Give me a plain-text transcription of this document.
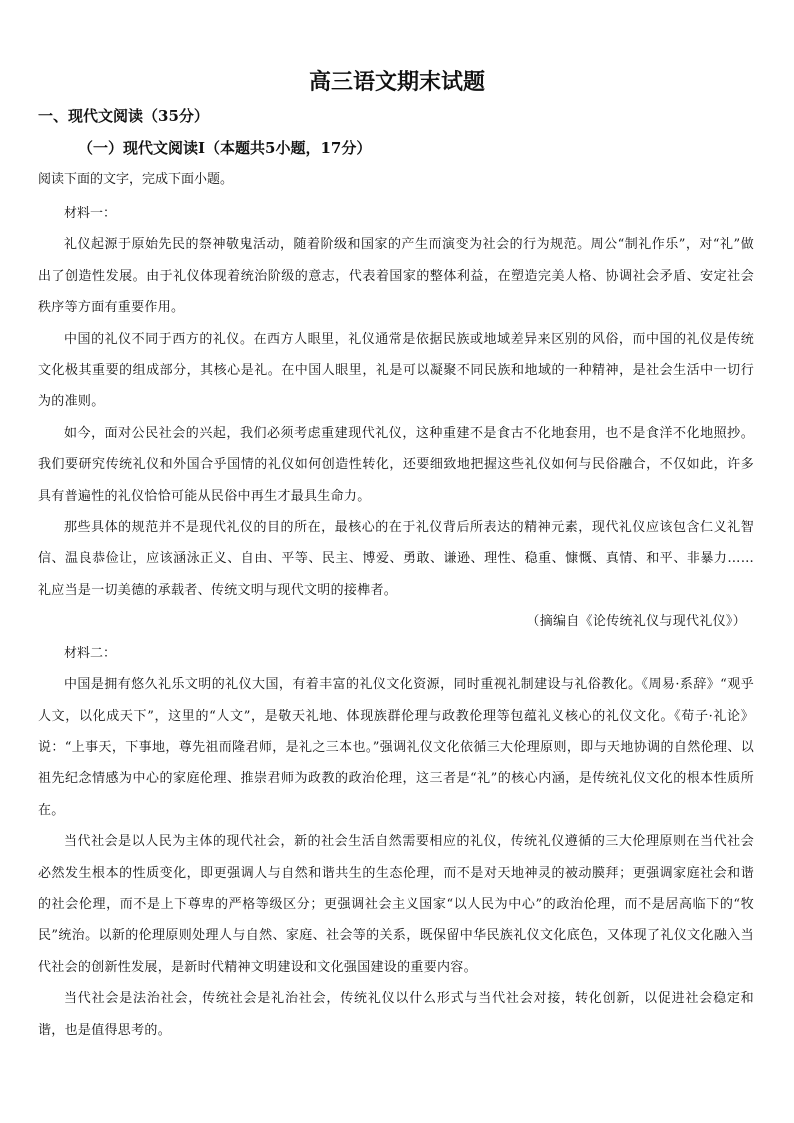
高三语文期末试题
一、现代文阅读（35分）
（一）现代文阅读Ⅰ（本题共5小题，17分）

阅读下面的文字，完成下面小题。

材料一：

礼仪起源于原始先民的祭神敬鬼活动，随着阶级和国家的产生而演变为社会的行为规范。周公“制礼作乐”，对“礼”做出了创造性发展。由于礼仪体现着统治阶级的意志，代表着国家的整体利益，在塑造完美人格、协调社会矛盾、安定社会秩序等方面有重要作用。

中国的礼仪不同于西方的礼仪。在西方人眼里，礼仪通常是依据民族或地域差异来区别的风俗，而中国的礼仪是传统文化极其重要的组成部分，其核心是礼。在中国人眼里，礼是可以凝聚不同民族和地域的一种精神，是社会生活中一切行为的准则。

如今，面对公民社会的兴起，我们必须考虑重建现代礼仪，这种重建不是食古不化地套用，也不是食洋不化地照抄。我们要研究传统礼仪和外国合乎国情的礼仪如何创造性转化，还要细致地把握这些礼仪如何与民俗融合，不仅如此，许多具有普遍性的礼仪恰恰可能从民俗中再生才最具生命力。

那些具体的规范并不是现代礼仪的目的所在，最核心的在于礼仪背后所表达的精神元素，现代礼仪应该包含仁义礼智信、温良恭俭让，应该涵泳正义、自由、平等、民主、博爱、勇敢、谦逊、理性、稳重、慷慨、真情、和平、非暴力……礼应当是一切美德的承载者、传统文明与现代文明的接榫者。

（摘编自《论传统礼仪与现代礼仪》）

材料二：

中国是拥有悠久礼乐文明的礼仪大国，有着丰富的礼仪文化资源，同时重视礼制建设与礼俗教化。《周易·系辞》“观乎人文，以化成天下”，这里的“人文”，是敬天礼地、体现族群伦理与政教伦理等包蕴礼义核心的礼仪文化。《荀子·礼论》说：“上事天，下事地，尊先祖而隆君师，是礼之三本也。”强调礼仪文化依循三大伦理原则，即与天地协调的自然伦理、以祖先纪念情感为中心的家庭伦理、推崇君师为政教的政治伦理，这三者是“礼”的核心内涵，是传统礼仪文化的根本性质所在。

当代社会是以人民为主体的现代社会，新的社会生活自然需要相应的礼仪，传统礼仪遵循的三大伦理原则在当代社会必然发生根本的性质变化，即更强调人与自然和谐共生的生态伦理，而不是对天地神灵的被动膜拜；更强调家庭社会和谐的社会伦理，而不是上下尊卑的严格等级区分；更强调社会主义国家“以人民为中心”的政治伦理，而不是居高临下的“牧民”统治。以新的伦理原则处理人与自然、家庭、社会等的关系，既保留中华民族礼仪文化底色，又体现了礼仪文化融入当代社会的创新性发展，是新时代精神文明建设和文化强国建设的重要内容。

当代社会是法治社会，传统社会是礼治社会，传统礼仪以什么形式与当代社会对接，转化创新，以促进社会稳定和谐，也是值得思考的。
